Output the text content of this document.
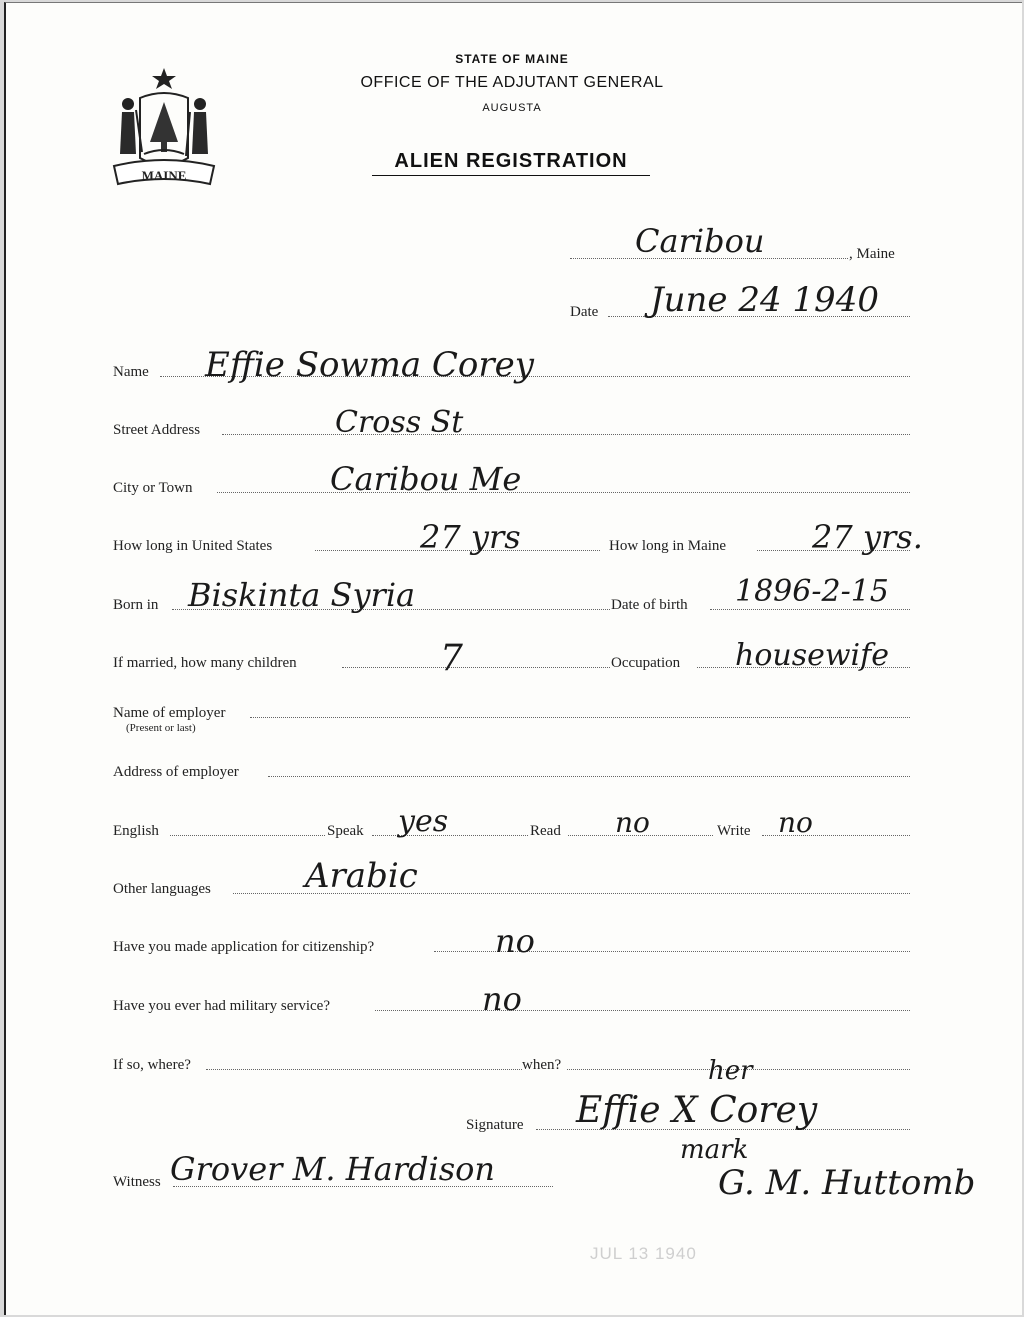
MAINE
STATE OF MAINE
OFFICE OF THE ADJUTANT GENERAL
AUGUSTA
ALIEN REGISTRATION
Caribou	, Maine
Date June 24 1940
Name Effie Sowma Corey
Street Address	Cross St
City or Town	Caribou Me
How long in United States	27 yrs	How long in Maine	27 yrs.
Born in Biskinta Syria	Date of birth 1896-2-15
If married, how many children	7	Occupation housewife
Name of employer
(Present or last)
Address of employer
English	Speak yes	Read no	Write no
Other languages	Arabic
Have you made application for citizenship?	no
Have you ever had military service?	no
If so, where?	when?	her
Signature Effie X Corey
mark
G. M. Huttomb
Witness Grover M. Hardison
JUL 13 1940
